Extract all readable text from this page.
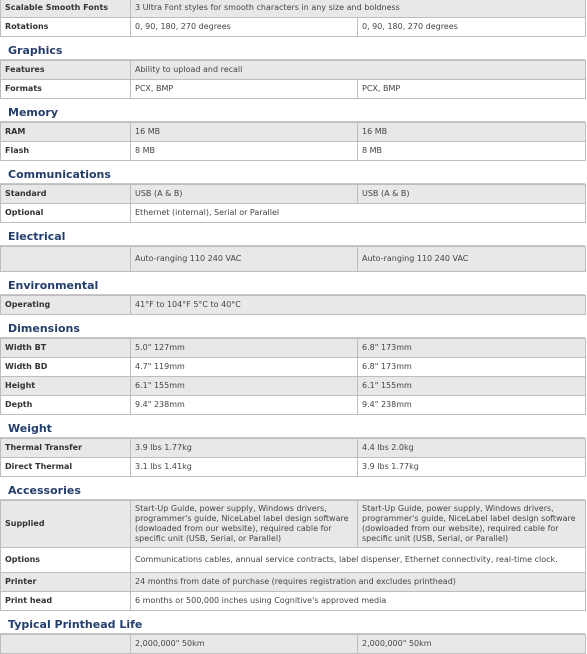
Scalable Smooth Fonts	3 Ultra Font styles for smooth characters in any size and boldness	
Rotations	0, 90, 180, 270 degrees	0, 90, 180, 270 degrees
Graphics
Features	Ability to upload and recall	
Formats	PCX, BMP	PCX, BMP
Memory
RAM	16 MB	16 MB
Flash	8 MB	8 MB
Communications
Standard	USB (A & B)	USB (A & B)
Optional	Ethernet (internal), Serial or Parallel	
Electrical
	Auto-ranging 110 240 VAC	Auto-ranging 110 240 VAC
Environmental
Operating	41°F to 104°F 5°C to 40°C
Dimensions
Width BT	5.0" 127mm	6.8" 173mm
Width BD	4.7" 119mm	6.8" 173mm
Height	6.1" 155mm	6.1" 155mm
Depth	9.4" 238mm	9.4" 238mm
Weight
Thermal Transfer	3.9 lbs 1.77kg	4.4 lbs 2.0kg
Direct Thermal	3.1 lbs 1.41kg	3.9 lbs 1.77kg
Accessories
Supplied	Start-Up Guide, power supply, Windows drivers, programmer's guide, NiceLabel label design software (dowloaded from our website), required cable for specific unit (USB, Serial, or Parallel)	Start-Up Guide, power supply, Windows drivers, programmer's guide, NiceLabel label design software (dowloaded from our website), required cable for specific unit (USB, Serial, or Parallel)
Options	Communications cables, annual service contracts, label dispenser, Ethernet connectivity, real-time clock.	
Printer	24 months from date of purchase (requires registration and excludes printhead)	
Print head	6 months or 500,000 inches using Cognitive's approved media	
Typical Printhead Life
	2,000,000" 50km	2,000,000" 50km
